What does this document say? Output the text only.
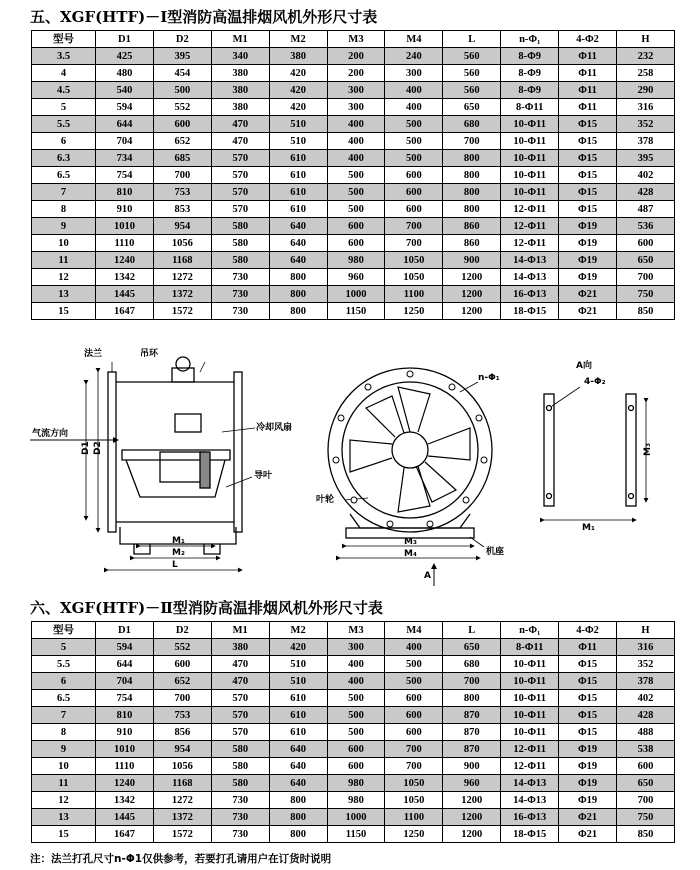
五、XGF(HTF)－Ⅰ型消防高温排烟风机外形尺寸表
型号	D1	D2	M1	M2	M3	M4	L	n-Φ₁	4-Φ2	H
3.5	425	395	340	380	200	240	560	8-Φ9	Φ11	232
4	480	454	380	420	200	300	560	8-Φ9	Φ11	258
4.5	540	500	380	420	300	400	560	8-Φ9	Φ11	290
5	594	552	380	420	300	400	650	8-Φ11	Φ11	316
5.5	644	600	470	510	400	500	680	10-Φ11	Φ15	352
6	704	652	470	510	400	500	700	10-Φ11	Φ15	378
6.3	734	685	570	610	400	500	800	10-Φ11	Φ15	395
6.5	754	700	570	610	500	600	800	10-Φ11	Φ15	402
7	810	753	570	610	500	600	800	10-Φ11	Φ15	428
8	910	853	570	610	500	600	800	12-Φ11	Φ15	487
9	1010	954	580	640	600	700	860	12-Φ11	Φ19	536
10	1110	1056	580	640	600	700	860	12-Φ11	Φ19	600
11	1240	1168	580	640	980	1050	900	14-Φ13	Φ19	650
12	1342	1272	730	800	960	1050	1200	14-Φ13	Φ19	700
13	1445	1372	730	800	1000	1100	1200	16-Φ13	Φ21	750
15	1647	1572	730	800	1150	1250	1200	18-Φ15	Φ21	850
法兰	吊环
气流方向
冷却风扇
导叶
D1 D2
M₁
M₂
L
n-Φ₁
叶轮
机座
M₃
M₄
A
A向
4-Φ₂
M₃
M₁
六、XGF(HTF)－Ⅱ型消防高温排烟风机外形尺寸表
型号	D1	D2	M1	M2	M3	M4	L	n-Φ₁	4-Φ2	H
5	594	552	380	420	300	400	650	8-Φ11	Φ11	316
5.5	644	600	470	510	400	500	680	10-Φ11	Φ15	352
6	704	652	470	510	400	500	700	10-Φ11	Φ15	378
6.5	754	700	570	610	500	600	800	10-Φ11	Φ15	402
7	810	753	570	610	500	600	870	10-Φ11	Φ15	428
8	910	856	570	610	500	600	870	10-Φ11	Φ15	488
9	1010	954	580	640	600	700	870	12-Φ11	Φ19	538
10	1110	1056	580	640	600	700	900	12-Φ11	Φ19	600
11	1240	1168	580	640	980	1050	960	14-Φ13	Φ19	650
12	1342	1272	730	800	980	1050	1200	14-Φ13	Φ19	700
13	1445	1372	730	800	1000	1100	1200	16-Φ13	Φ21	750
15	1647	1572	730	800	1150	1250	1200	18-Φ15	Φ21	850
注：法兰打孔尺寸n-Φ1仅供参考，若要打孔请用户在订货时说明
